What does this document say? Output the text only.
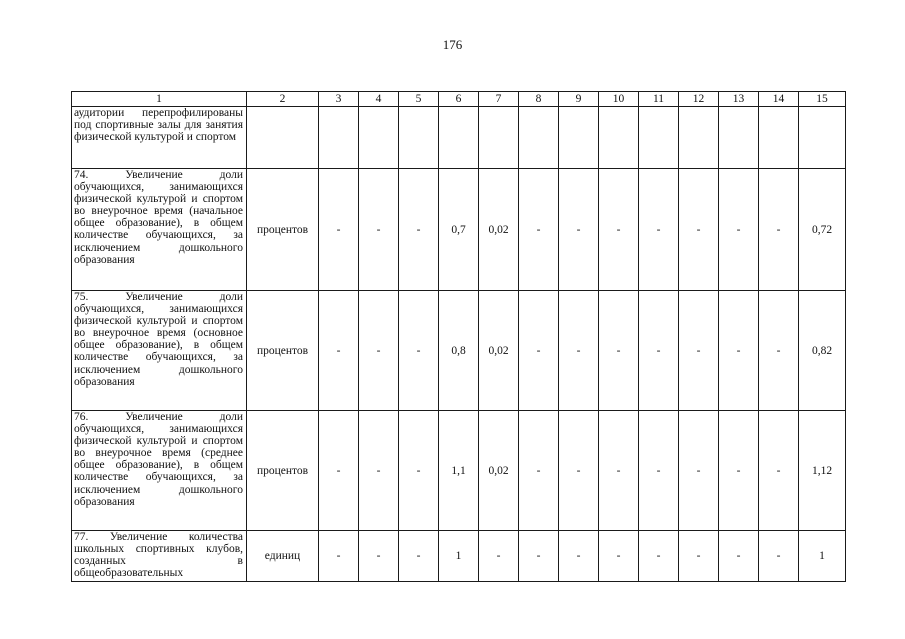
176
1	2	3	4	5	6	7	8	9	10	11	12	13	14	15
аудитории перепрофилированы под спортивные залы для занятия физической культурой и спортом														
74. Увеличение доли обучающихся, занимающихся физической культурой и спортом во внеурочное время (начальное общее образование), в общем количестве обучающихся, за исключением дошкольного образования	процентов	-	-	-	0,7	0,02	-	-	-	-	-	-	-	0,72
75. Увеличение доли обучающихся, занимающихся физической культурой и спортом во внеурочное время (основное общее образование), в общем количестве обучающихся, за исключением дошкольного образования	процентов	-	-	-	0,8	0,02	-	-	-	-	-	-	-	0,82
76. Увеличение доли обучающихся, занимающихся физической культурой и спортом во внеурочное время (среднее общее образование), в общем количестве обучающихся, за исключением дошкольного образования	процентов	-	-	-	1,1	0,02	-	-	-	-	-	-	-	1,12
77. Увеличение количества школьных спортивных клубов, созданных в общеобразовательных	единиц	-	-	-	1	-	-	-	-	-	-	-	-	1
